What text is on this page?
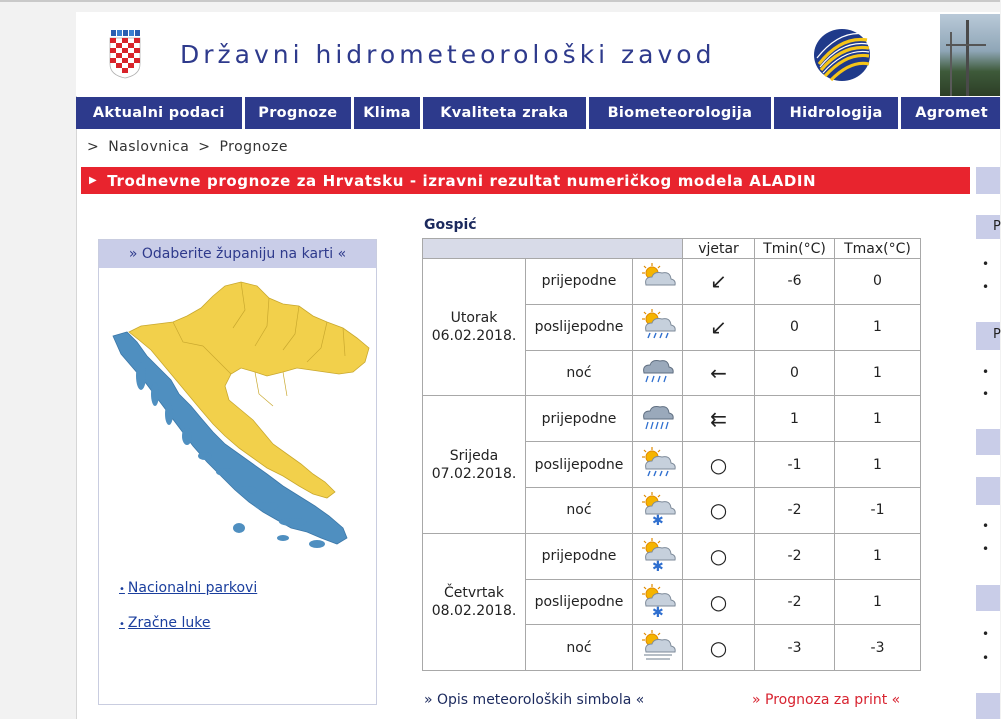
Državni hidrometeorološki zavod
Aktualni podaci	Prognoze	Klima	Kvaliteta zraka	Biometeorologija	Hidrologija	Agromet
> Naslovnica > Prognoze
▶ Trodnevne prognoze za Hrvatsku - izravni rezultat numeričkog modela ALADIN
» Odaberite županiju na karti «
• Nacionalni parkovi
• Zračne luke
Gospić
			vjetar	Tmin(°C)	Tmax(°C)

Utorak
06.02.2018.	prijepodne		↙	-6	0
	poslijepodne		↙	0	1
	noć		←	0	1

Srijeda
07.02.2018.	prijepodne		⇇	1	1
	poslijepodne		○	-1	1
	noć	✱	○	-2	-1

Četvrtak
08.02.2018.	prijepodne	✱	○	-2	1
	poslijepodne	✱	○	-2	1
	noć		○	-3	-3
» Opis meteoroloških simbola «	» Prognoza za print «
P
•
•
P
•
•
•
•
•
•
